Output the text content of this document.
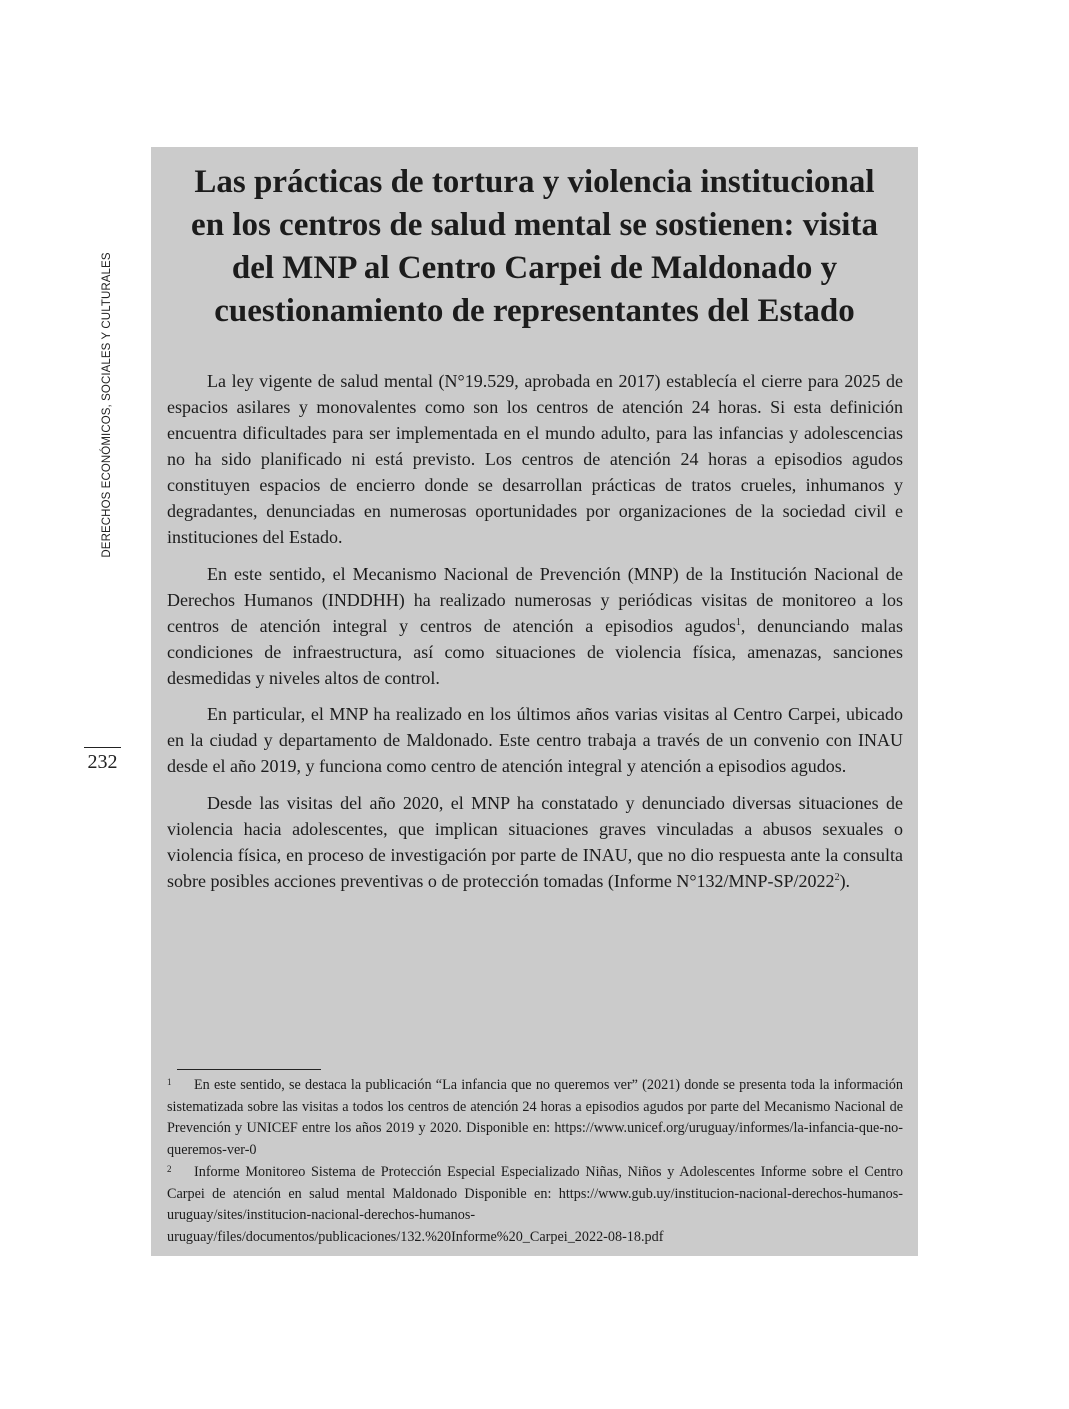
DERECHOS ECONÓMICOS, SOCIALES Y CULTURALES
232
Las prácticas de tortura y violencia institucional
en los centros de salud mental se sostienen: visita
del MNP al Centro Carpei de Maldonado y
cuestionamiento de representantes del Estado

La ley vigente de salud mental (N°19.529, aprobada en 2017) establecía el cierre para 2025 de espacios asilares y monovalentes como son los centros de atención 24 horas. Si esta definición encuentra dificultades para ser implementada en el mundo adulto, para las infancias y adolescencias no ha sido planificado ni está previsto. Los centros de atención 24 horas a episodios agudos constituyen espacios de encierro donde se desarrollan prácticas de tratos crueles, inhumanos y degradantes, denunciadas en numerosas oportunidades por organizaciones de la sociedad civil e instituciones del Estado.

En este sentido, el Mecanismo Nacional de Prevención (MNP) de la Institución Nacional de Derechos Humanos (INDDHH) ha realizado numerosas y periódicas visitas de monitoreo a los centros de atención integral y centros de atención a episodios agudos$^1$, denunciando malas condiciones de infraestructura, así como situaciones de violencia física, amenazas, sanciones desmedidas y niveles altos de control.

En particular, el MNP ha realizado en los últimos años varias visitas al Centro Carpei, ubicado en la ciudad y departamento de Maldonado. Este centro trabaja a través de un convenio con INAU desde el año 2019, y funciona como centro de atención integral y atención a episodios agudos.

Desde las visitas del año 2020, el MNP ha constatado y denunciado diversas situaciones de violencia hacia adolescentes, que implican situaciones graves vinculadas a abusos sexuales o violencia física, en proceso de investigación por parte de INAU, que no dio respuesta ante la consulta sobre posibles acciones preventivas o de protección tomadas (Informe N°132/MNP-SP/2022$^2$).

1 En este sentido, se destaca la publicación “La infancia que no queremos ver” (2021) donde se presenta toda la información sistematizada sobre las visitas a todos los centros de atención 24 horas a episodios agudos por parte del Mecanismo Nacional de Prevención y UNICEF entre los años 2019 y 2020. Disponible en: https://www.unicef.org/uruguay/informes/la-infancia-que-no-queremos-ver-0

2 Informe Monitoreo Sistema de Protección Especial Especializado Niñas, Niños y Adolescentes Informe sobre el Centro Carpei de atención en salud mental Maldonado Disponible en: https://www.gub.uy/institucion-nacional-derechos-humanos-uruguay/sites/institucion-nacional-derechos-humanos-uruguay/files/documentos/publicaciones/132.%20Informe%20_Carpei_2022-08-18.pdf
